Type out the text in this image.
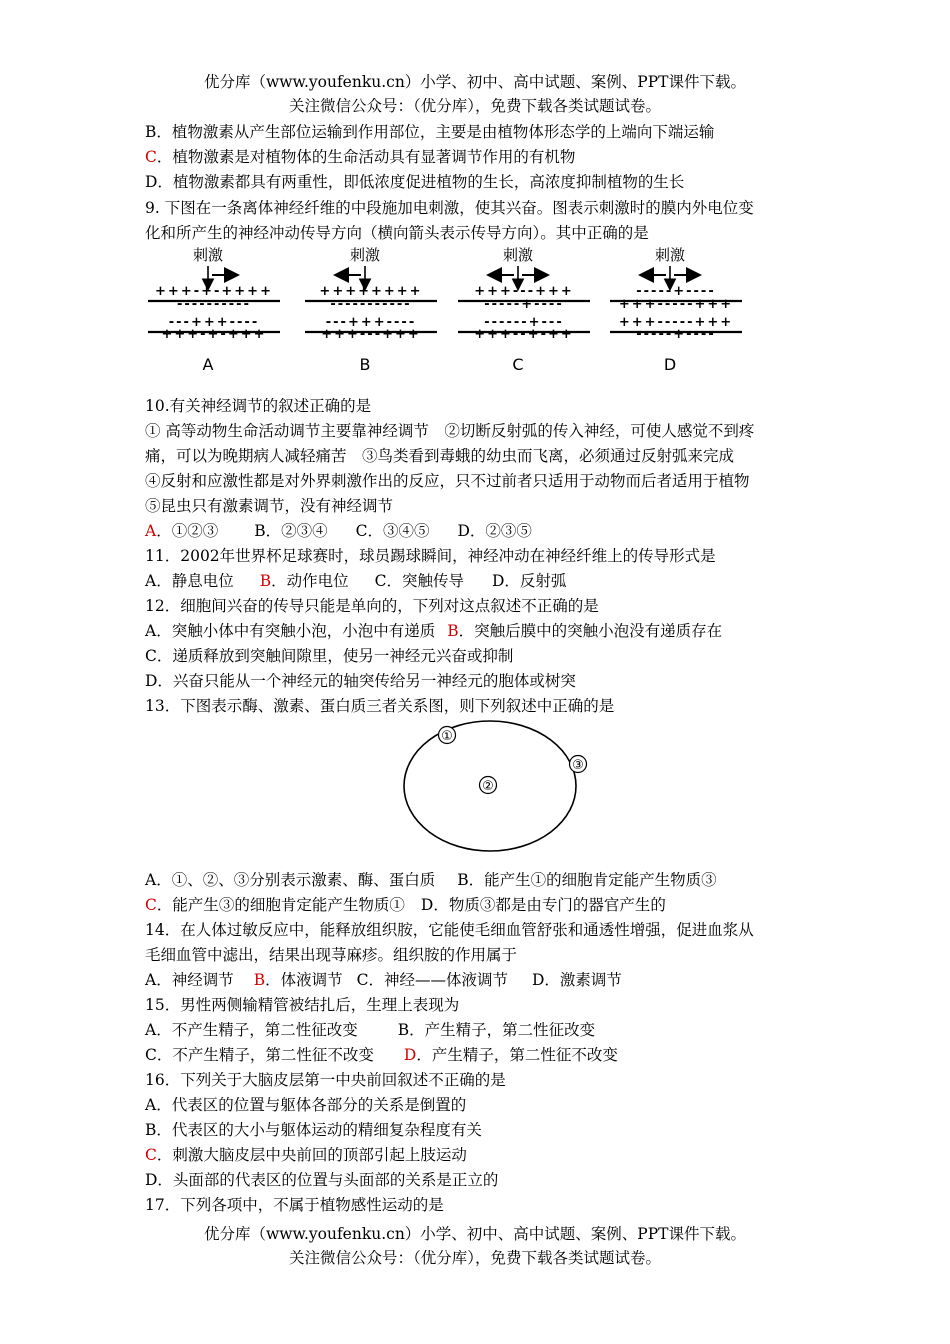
优分库（www.youfenku.cn）小学、初中、高中试题、案例、PPT课件下载。
关注微信公众号：（优分库），免费下载各类试题试卷。
B．植物激素从产生部位运输到作用部位，主要是由植物体形态学的上端向下端运输
C．植物激素是对植物体的生命活动具有显著调节作用的有机物
D．植物激素都具有两重性，即低浓度促进植物的生长，高浓度抑制植物的生长
9. 下图在一条离体神经纤维的中段施加电刺激，使其兴奋。图表示刺激时的膜内外电位变
化和所产生的神经冲动传导方向（横向箭头表示传导方向）。其中正确的是
刺激
+++-+-++++
----------
---+++----
+++-+-+++
A
刺激
++++++++
-----------
---+++----
+++---+++
B
刺激
+++---+++
-----+----
------+---
+++--+-++
C
刺激
-----+----
+++-----+++
+++-----+++
-----+----
D
10.有关神经调节的叙述正确的是
① 高等动物生命活动调节主要靠神经调节　②切断反射弧的传入神经，可使人感觉不到疼
痛，可以为晚期病人减轻痛苦　③鸟类看到毒蛾的幼虫而飞离，必须通过反射弧来完成
④反射和应激性都是对外界刺激作出的反应，只不过前者只适用于动物而后者适用于植物
⑤昆虫只有激素调节，没有神经调节
A．①②③ B．②③④ C．③④⑤ D．②③⑤
11．2002年世界杯足球赛时，球员踢球瞬间，神经冲动在神经纤维上的传导形式是
A．静息电位 B．动作电位 C．突触传导 D．反射弧
12．细胞间兴奋的传导只能是单向的，下列对这点叙述不正确的是
A．突触小体中有突触小泡，小泡中有递质 B．突触后膜中的突触小泡没有递质存在
C．递质释放到突触间隙里，使另一神经元兴奋或抑制
D．兴奋只能从一个神经元的轴突传给另一神经元的胞体或树突
13．下图表示酶、激素、蛋白质三者关系图，则下列叙述中正确的是
①
②
③
A．①、②、③分别表示激素、酶、蛋白质 B．能产生①的细胞肯定能产生物质③
C．能产生③的细胞肯定能产生物质① D．物质③都是由专门的器官产生的
14．在人体过敏反应中，能释放组织胺，它能使毛细血管舒张和通透性增强，促进血浆从
毛细血管中滤出，结果出现荨麻疹。组织胺的作用属于
A．神经调节 B．体液调节 C．神经——体液调节 D．激素调节
15．男性两侧输精管被结扎后，生理上表现为
A．不产生精子，第二性征改变	B．产生精子，第二性征改变
C．不产生精子，第二性征不改变 D．产生精子，第二性征不改变
16．下列关于大脑皮层第一中央前回叙述不正确的是
A．代表区的位置与躯体各部分的关系是倒置的
B．代表区的大小与躯体运动的精细复杂程度有关
C．刺激大脑皮层中央前回的顶部引起上肢运动
D．头面部的代表区的位置与头面部的关系是正立的
17．下列各项中，不属于植物感性运动的是
优分库（www.youfenku.cn）小学、初中、高中试题、案例、PPT课件下载。
关注微信公众号：（优分库），免费下载各类试题试卷。
